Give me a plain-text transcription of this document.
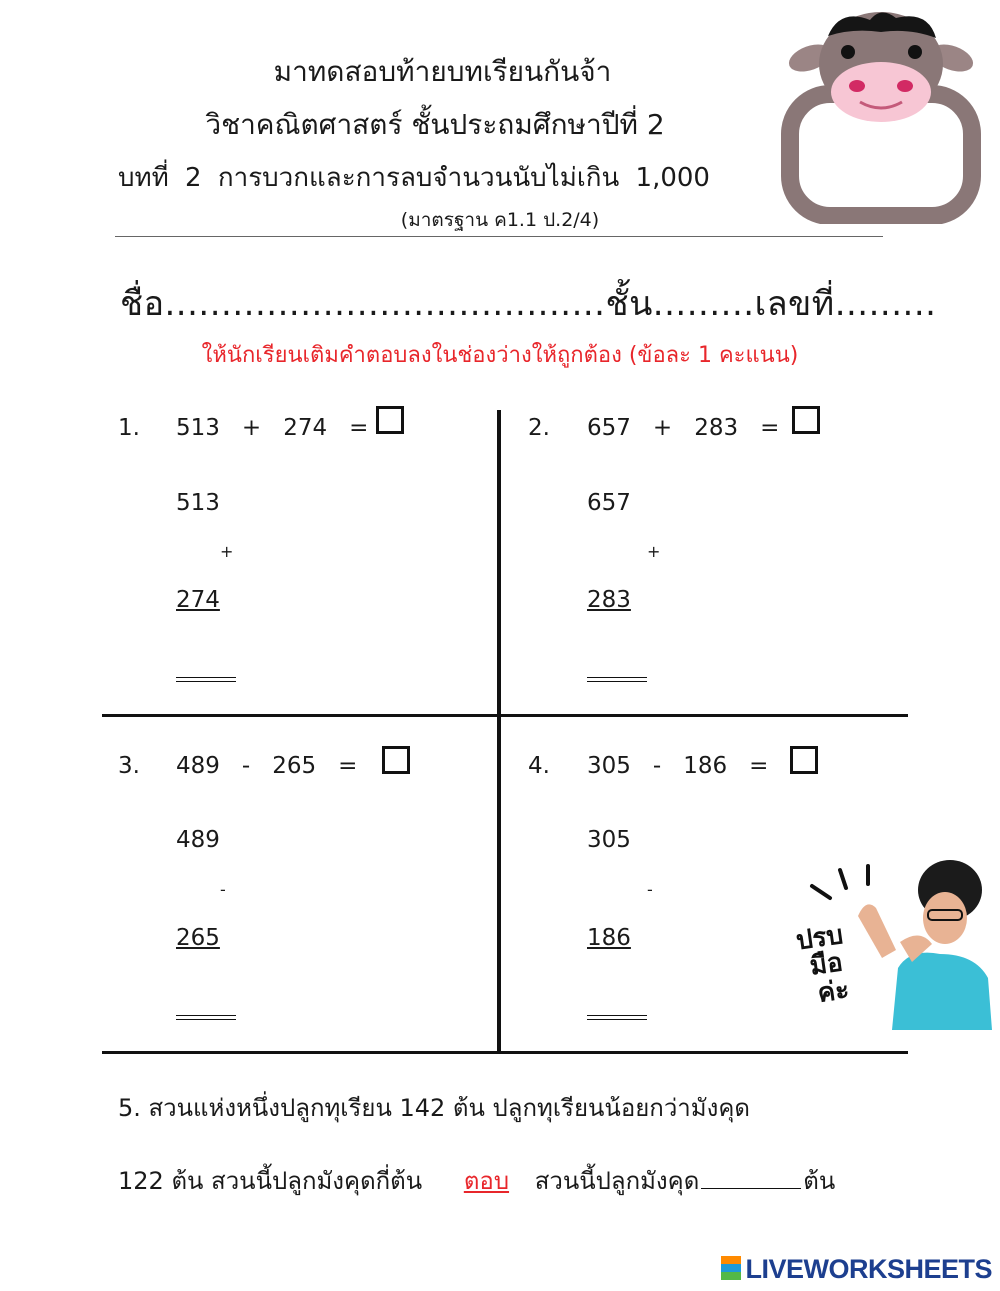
มาทดสอบท้ายบทเรียนกันจ้า
วิชาคณิตศาสตร์ ชั้นประถมศึกษาปีที่ 2
บทที่ 2 การบวกและการลบจำนวนนับไม่เกิน 1,000
(มาตรฐาน ค1.1 ป.2/4)
ชื่อ.......................................ชั้น.........เลขที่.........
ให้นักเรียนเติมคำตอบลงในช่องว่างให้ถูกต้อง (ข้อละ 1 คะแนน)
1. 513 + 274 =
513
+
274
2. 657 + 283 =
657
+
283
3. 489 - 265 =
489
-
265
4. 305 - 186 =
305
-
186	ปรบ
มือ
ค่ะ
5. สวนแห่งหนึ่งปลูกทุเรียน 142 ต้น ปลูกทุเรียนน้อยกว่ามังคุด
122 ต้น สวนนี้ปลูกมังคุดกี่ต้น ตอบ สวนนี้ปลูกมังคุด	ต้น
LIVEWORKSHEETS
